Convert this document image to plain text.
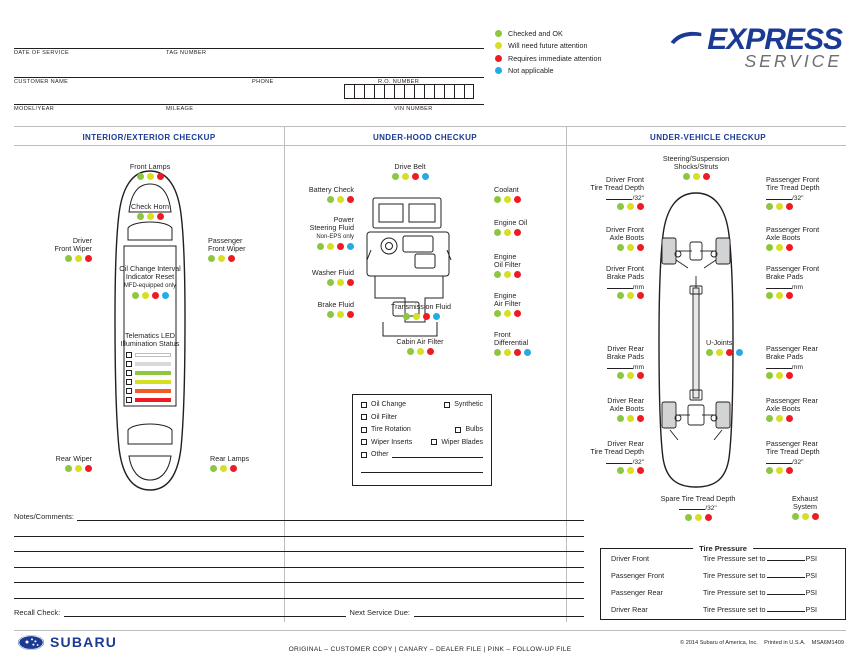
DATE OF SERVICE	TAG NUMBER
CUSTOMER NAME	PHONE	R.O. NUMBER
MODEL/YEAR	MILEAGE	VIN NUMBER
Checked and OK
Will need future attention
Requires immediate attention
Not applicable
EXPRESS
SERVICE
INTERIOR/EXTERIOR CHECKUP	UNDER-HOOD CHECKUP	UNDER-VEHICLE CHECKUP
Front Lamps
Check Horn
Driver
Front Wiper
Passenger
Front Wiper
Oil Change Interval
Indicator Reset
MFD-equipped only
Telematics LED
Illumination Status
Rear Wiper	Rear Lamps
Drive Belt
Battery Check
Power
Steering Fluid
Non-EPS only
Washer Fluid
Brake Fluid
Coolant
Engine Oil
Engine
Oil Filter
Engine
Air Filter
Front
Differential
Transmission Fluid
Cabin Air Filter
Oil Change	Synthetic
Oil Filter
Tire Rotation	Bulbs
Wiper Inserts	Wiper Blades
Other
Steering/Suspension
Shocks/Struts
Driver Front
Tire Tread Depth
/32"
Driver Front
Axle Boots
Driver Front
Brake Pads
mm
Driver Rear
Brake Pads
mm
Driver Rear
Axle Boots
Driver Rear
Tire Tread Depth
/32"
Passenger Front
Tire Tread Depth
/32"
Passenger Front
Axle Boots
Passenger Front
Brake Pads
mm
Passenger Rear
Brake Pads
mm
Passenger Rear
Axle Boots
Passenger Rear
Tire Tread Depth
/32"
U-Joints
Spare Tire Tread Depth
/32"
Exhaust
System
Tire Pressure
Driver Front	Tire Pressure set to	PSI
Passenger Front	Tire Pressure set to	PSI
Passenger Rear	Tire Pressure set to	PSI
Driver Rear	Tire Pressure set to	PSI
Notes/Comments:
Recall Check:	Next Service Due:
SUBARU	ORIGINAL – CUSTOMER COPY | CANARY – DEALER FILE | PINK – FOLLOW-UP FILE
© 2014 Subaru of America, Inc. Printed in U.S.A. MSA6M1409
